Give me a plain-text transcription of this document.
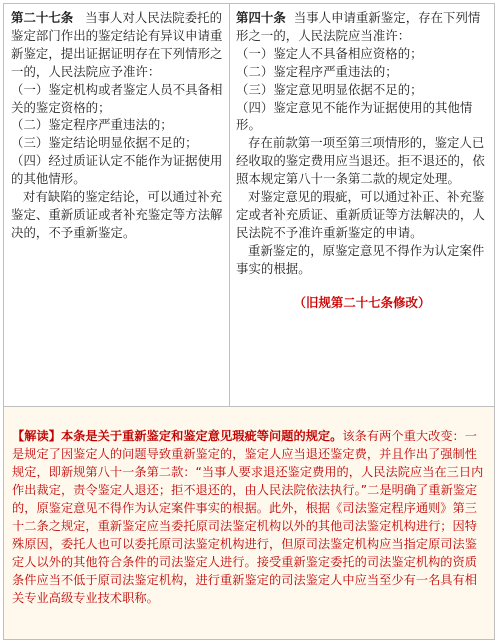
第二十七条 当事人对人民法院委托的鉴定部门作出的鉴定结论有异议申请重新鉴定，提出证据证明存在下列情形之一的，人民法院应予准许：

（一）鉴定机构或者鉴定人员不具备相关的鉴定资格的；

（二）鉴定程序严重违法的；

（三）鉴定结论明显依据不足的；

（四）经过质证认定不能作为证据使用的其他情形。

对有缺陷的鉴定结论，可以通过补充鉴定、重新质证或者补充鉴定等方法解决的，不予重新鉴定。

第四十条 当事人申请重新鉴定，存在下列情形之一的，人民法院应当准许：

（一）鉴定人不具备相应资格的；

（二）鉴定程序严重违法的；

（三）鉴定意见明显依据不足的；

（四）鉴定意见不能作为证据使用的其他情形。

存在前款第一项至第三项情形的，鉴定人已经收取的鉴定费用应当退还。拒不退还的，依照本规定第八十一条第二款的规定处理。

对鉴定意见的瑕疵，可以通过补正、补充鉴定或者补充质证、重新质证等方法解决的，人民法院不予准许重新鉴定的申请。

重新鉴定的，原鉴定意见不得作为认定案件事实的根据。

（旧规第二十七条修改）

【解读】本条是关于重新鉴定和鉴定意见瑕疵等问题的规定。该条有两个重大改变：一是规定了因鉴定人的问题导致重新鉴定的，鉴定人应当退还鉴定费，并且作出了强制性规定，即新规第八十一条第二款：“当事人要求退还鉴定费用的，人民法院应当在三日内作出裁定，责令鉴定人退还；拒不退还的，由人民法院依法执行。”二是明确了重新鉴定的，原鉴定意见不得作为认定案件事实的根据。此外，根据《司法鉴定程序通则》第三十二条之规定，重新鉴定应当委托原司法鉴定机构以外的其他司法鉴定机构进行；因特殊原因，委托人也可以委托原司法鉴定机构进行，但原司法鉴定机构应当指定原司法鉴定人以外的其他符合条件的司法鉴定人进行。接受重新鉴定委托的司法鉴定机构的资质条件应当不低于原司法鉴定机构，进行重新鉴定的司法鉴定人中应当至少有一名具有相关专业高级专业技术职称。
